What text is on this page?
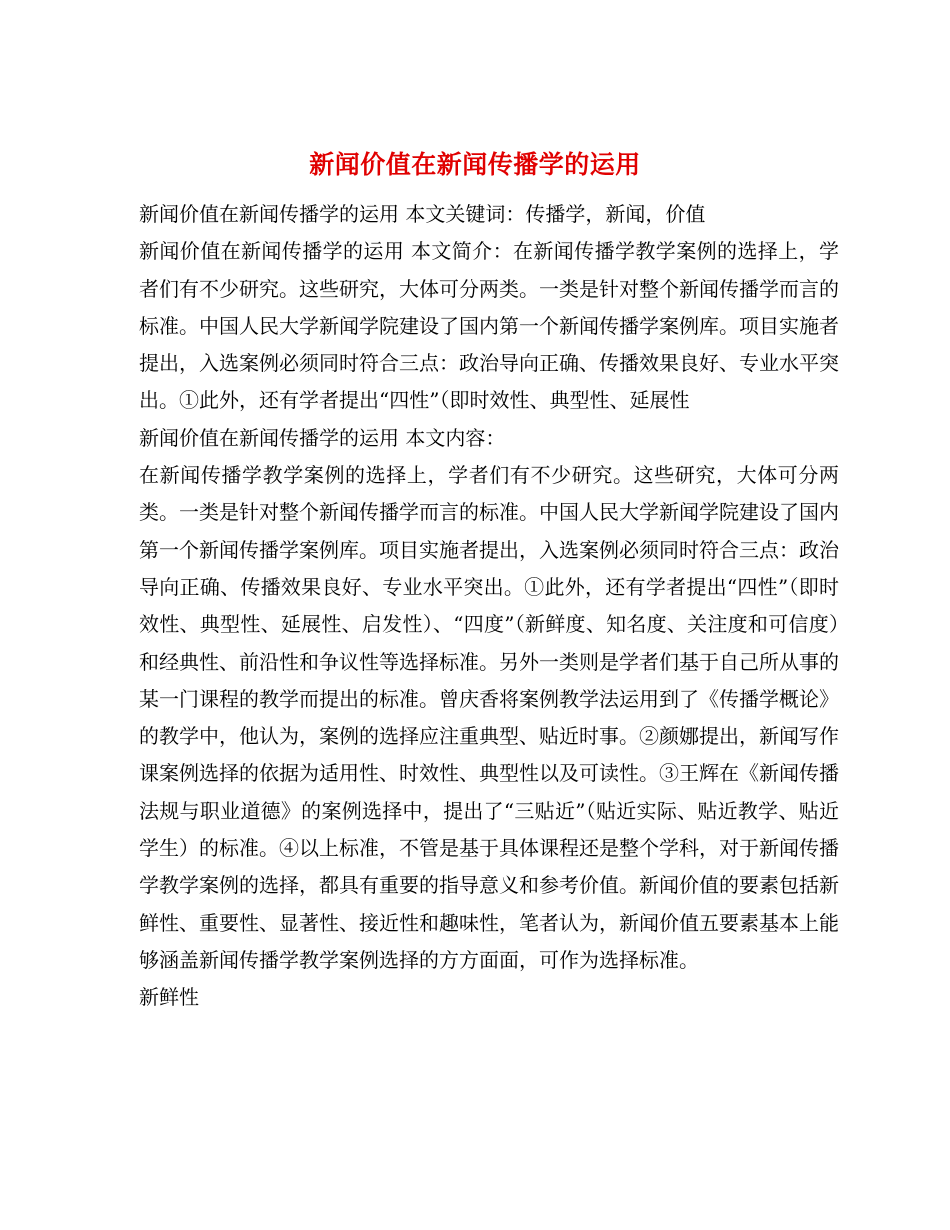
新闻价值在新闻传播学的运用

新闻价值在新闻传播学的运用 本文关键词：传播学，新闻，价值

新闻价值在新闻传播学的运用 本文简介：在新闻传播学教学案例的选择上，学者们有不少研究。这些研究，大体可分两类。一类是针对整个新闻传播学而言的标准。中国人民大学新闻学院建设了国内第一个新闻传播学案例库。项目实施者提出，入选案例必须同时符合三点：政治导向正确、传播效果良好、专业水平突出。①此外，还有学者提出“四性”（即时效性、典型性、延展性

新闻价值在新闻传播学的运用 本文内容：

在新闻传播学教学案例的选择上，学者们有不少研究。这些研究，大体可分两类。一类是针对整个新闻传播学而言的标准。中国人民大学新闻学院建设了国内第一个新闻传播学案例库。项目实施者提出，入选案例必须同时符合三点：政治导向正确、传播效果良好、专业水平突出。①此外，还有学者提出“四性”（即时效性、典型性、延展性、启发性）、“四度”（新鲜度、知名度、关注度和可信度）和经典性、前沿性和争议性等选择标准。另外一类则是学者们基于自己所从事的某一门课程的教学而提出的标准。曾庆香将案例教学法运用到了《传播学概论》的教学中，他认为，案例的选择应注重典型、贴近时事。②颜娜提出，新闻写作课案例选择的依据为适用性、时效性、典型性以及可读性。③王辉在《新闻传播法规与职业道德》的案例选择中，提出了“三贴近”（贴近实际、贴近教学、贴近学生）的标准。④以上标准，不管是基于具体课程还是整个学科，对于新闻传播学教学案例的选择，都具有重要的指导意义和参考价值。新闻价值的要素包括新鲜性、重要性、显著性、接近性和趣味性，笔者认为，新闻价值五要素基本上能够涵盖新闻传播学教学案例选择的方方面面，可作为选择标准。

新鲜性
